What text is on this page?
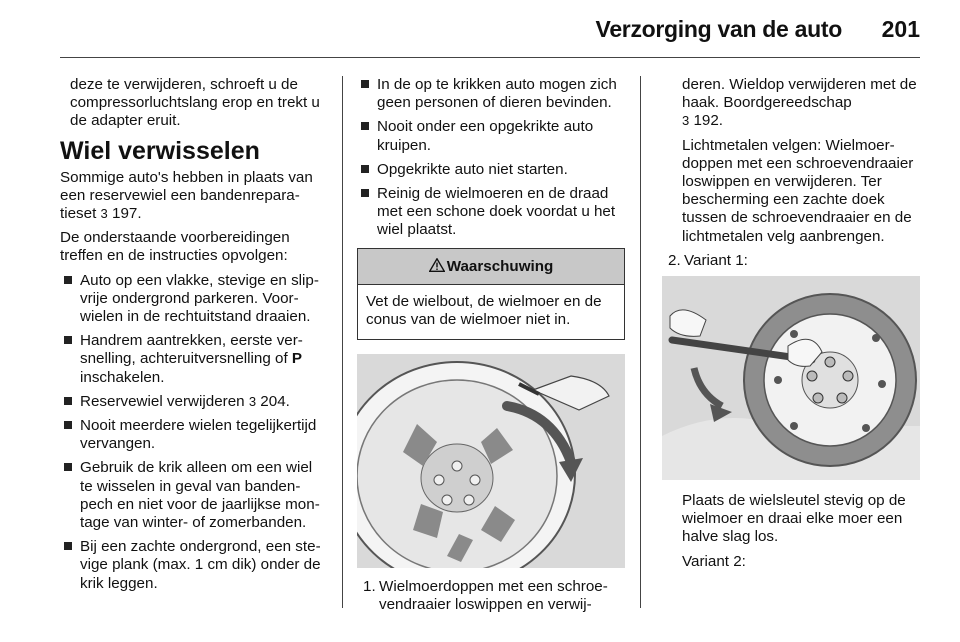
Verzorging van de auto 201

deze te verwijderen, schroeft u de compressorluchtslang erop en trekt u de adapter eruit.

Wiel verwisselen

Sommige auto's hebben in plaats van een reservewiel een bandenreparatieset 3 197.

De onderstaande voorbereidingen treffen en de instructies opvolgen:

Auto op een vlakke, stevige en slipvrije ondergrond parkeren. Voorwielen in de rechtuitstand draaien.
Handrem aantrekken, eerste versnelling, achteruitversnelling of P inschakelen.
Reservewiel verwijderen 3 204.
Nooit meerdere wielen tegelijkertijd vervangen.
Gebruik de krik alleen om een wiel te wisselen in geval van bandenpech en niet voor de jaarlijkse montage van winter- of zomerbanden.
Bij een zachte ondergrond, een stevige plank (max. 1 cm dik) onder de krik leggen.
In de op te krikken auto mogen zich geen personen of dieren bevinden.
Nooit onder een opgekrikte auto kruipen.
Opgekrikte auto niet starten.
Reinig de wielmoeren en de draad met een schone doek voordat u het wiel plaatst.
Waarschuwing
Vet de wielbout, de wielmoer en de conus van de wielmoer niet in.
1. Wielmoerdoppen met een schroevendraaier loswippen en verwij-

deren. Wieldop verwijderen met de haak. Boordgereedschap
3 192.

Lichtmetalen velgen: Wielmoerdoppen met een schroevendraaier loswippen en verwijderen. Ter bescherming een zachte doek tussen de schroevendraaier en de lichtmetalen velg aanbrengen.

2. Variant 1:

Plaats de wielsleutel stevig op de wielmoer en draai elke moer een halve slag los.

Variant 2:
